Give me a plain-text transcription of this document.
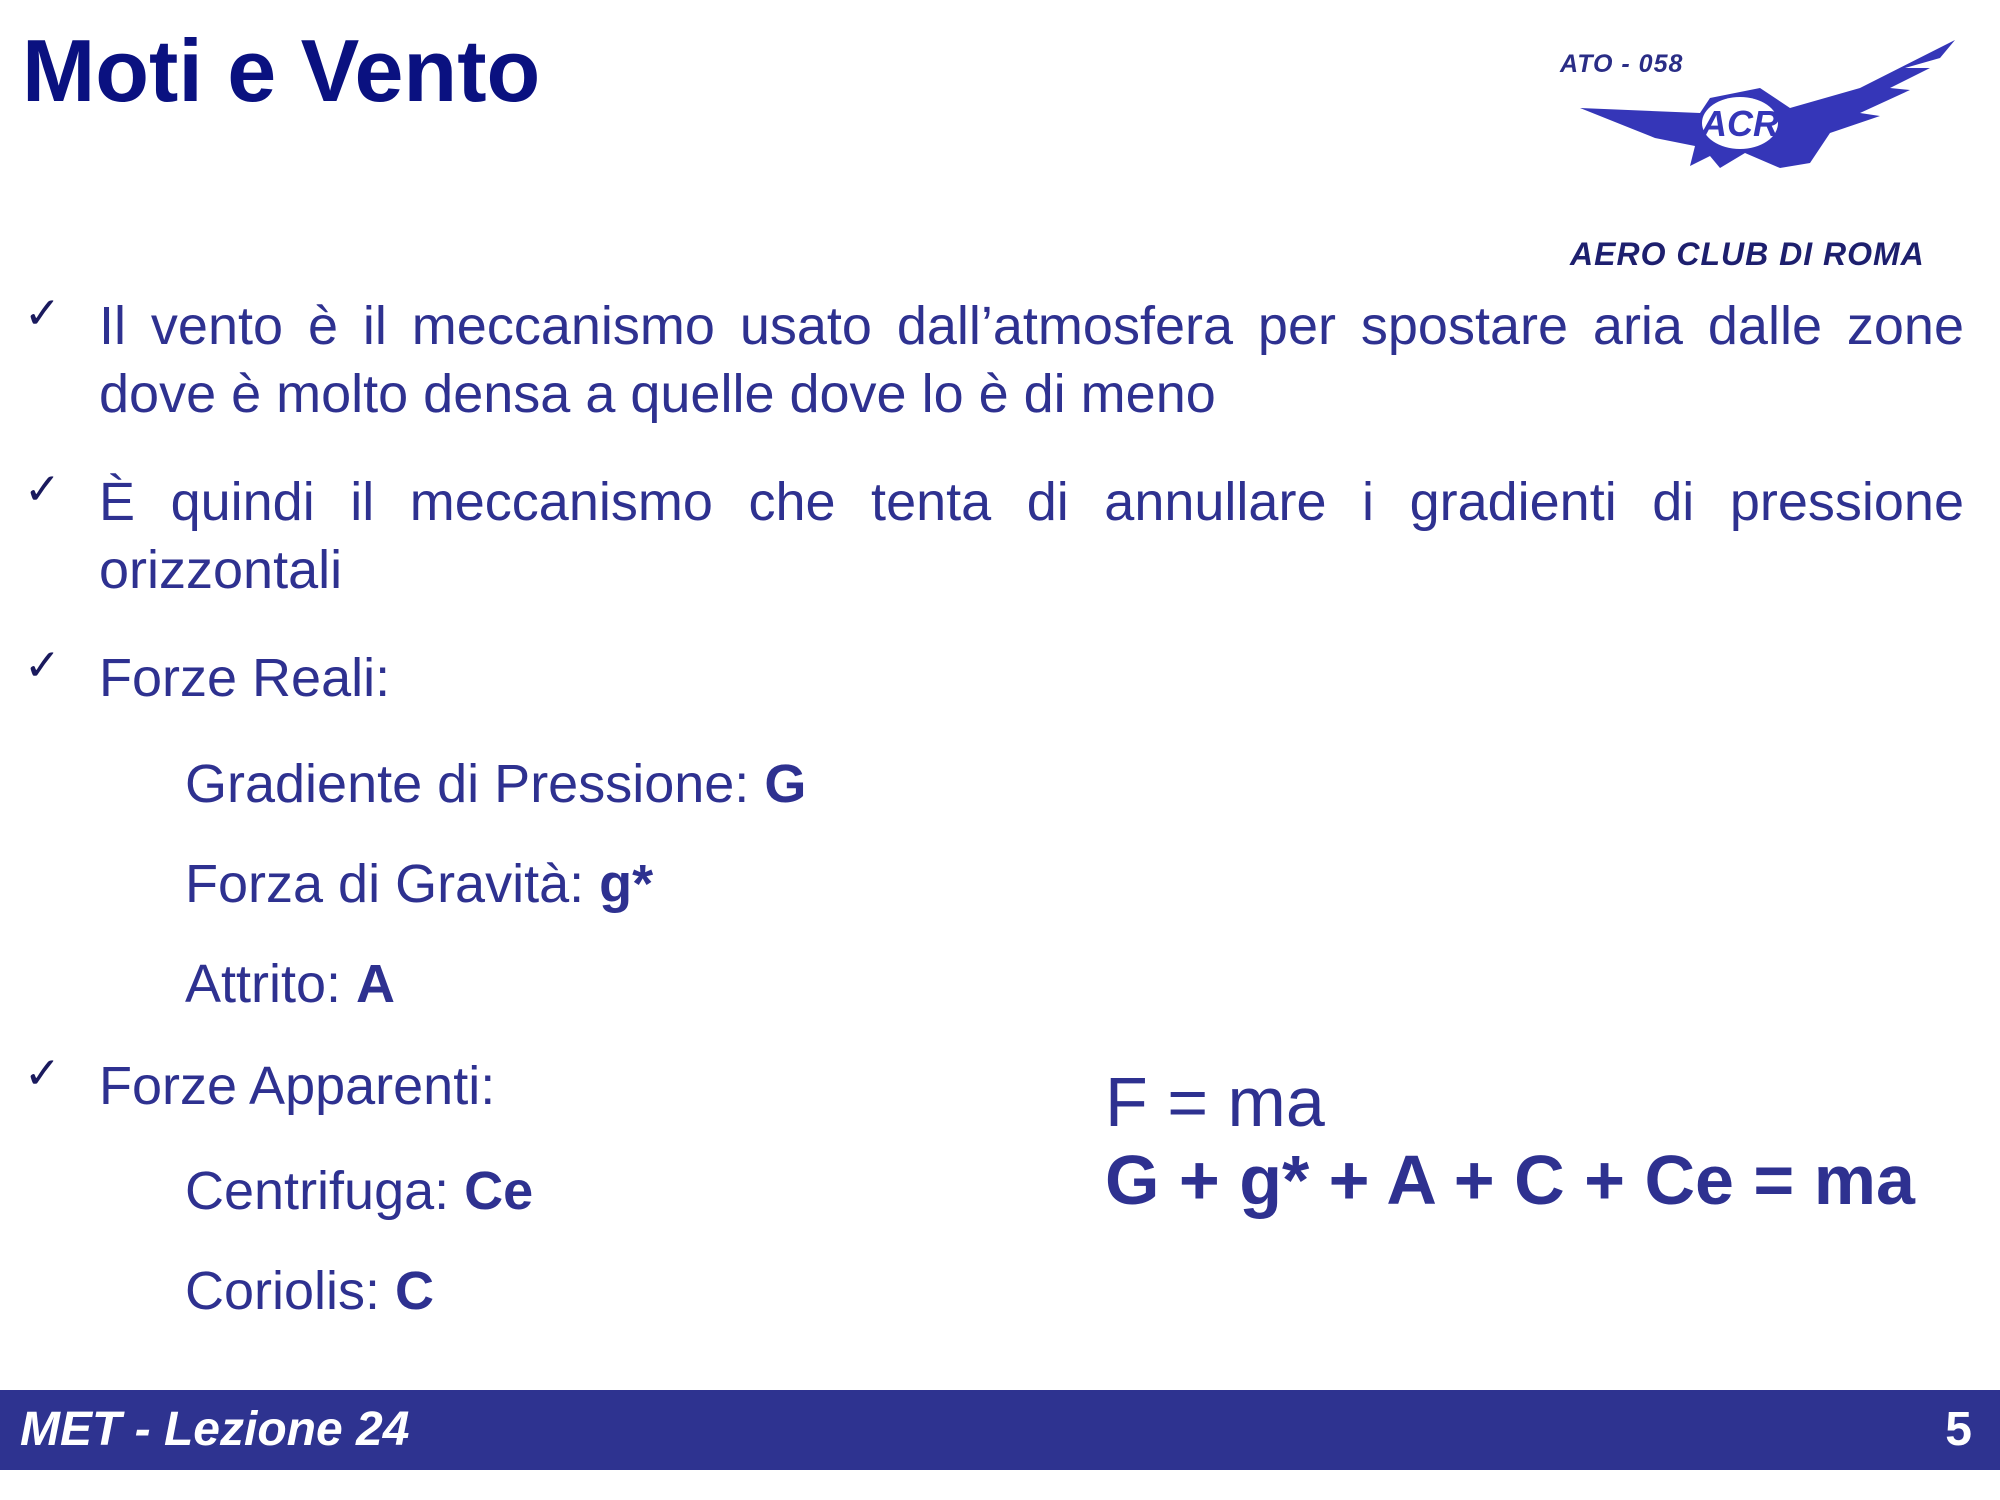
Moti e Vento
ACR
ATO - 058
AERO CLUB DI ROMA
✓ Il vento è il meccanismo usato dall’atmosfera per spostare aria dalle zone dove è molto densa a quelle dove lo è di meno
✓ È quindi il meccanismo che tenta di annullare i gradienti di pressione orizzontali
✓ Forze Reali:
Gradiente di Pressione: G
Forza di Gravità: g*
Attrito: A
✓ Forze Apparenti:
Centrifuga: Ce
Coriolis: C
F = ma
G + g* + A + C + Ce = ma
MET - Lezione 24	5
